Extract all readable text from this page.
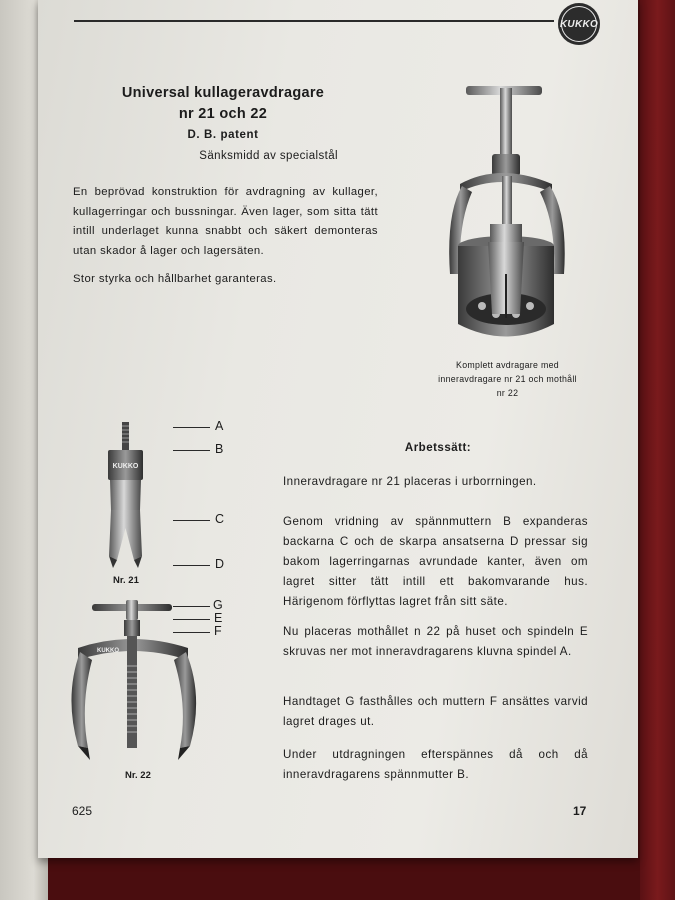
KUKKO
Universal kullageravdragare
nr 21 och 22
D. B. patent
Sänksmidd av specialstål

En beprövad konstruktion för avdragning av kullager, kullagerringar och bussningar. Även lager, som sitta tätt intill underlaget kunna snabbt och säkert demonteras utan skador å lager och lagersäten.

Stor styrka och hållbarhet garanteras.

Komplett avdragare med inneravdragare nr 21 och mothåll nr 22
KUKKO
Nr. 21
KUKKO
Nr. 22
A
B
C
D
G
E
F
Arbetssätt:

Inneravdragare nr 21 placeras i urborrningen.

Genom vridning av spännmuttern B expanderas backarna C och de skarpa ansatserna D pressar sig bakom lagerringarnas avrundade kanter, även om lagret sitter tätt intill ett bakomvarande hus. Härigenom förflyttas lagret från sitt säte.

Nu placeras mothållet n 22 på huset och spindeln E skruvas ner mot inneravdragarens kluvna spindel A.

Handtaget G fasthålles och muttern F ansättes varvid lagret drages ut.

Under utdragningen efterspännes då och då inneravdragarens spännmutter B.

625	17
